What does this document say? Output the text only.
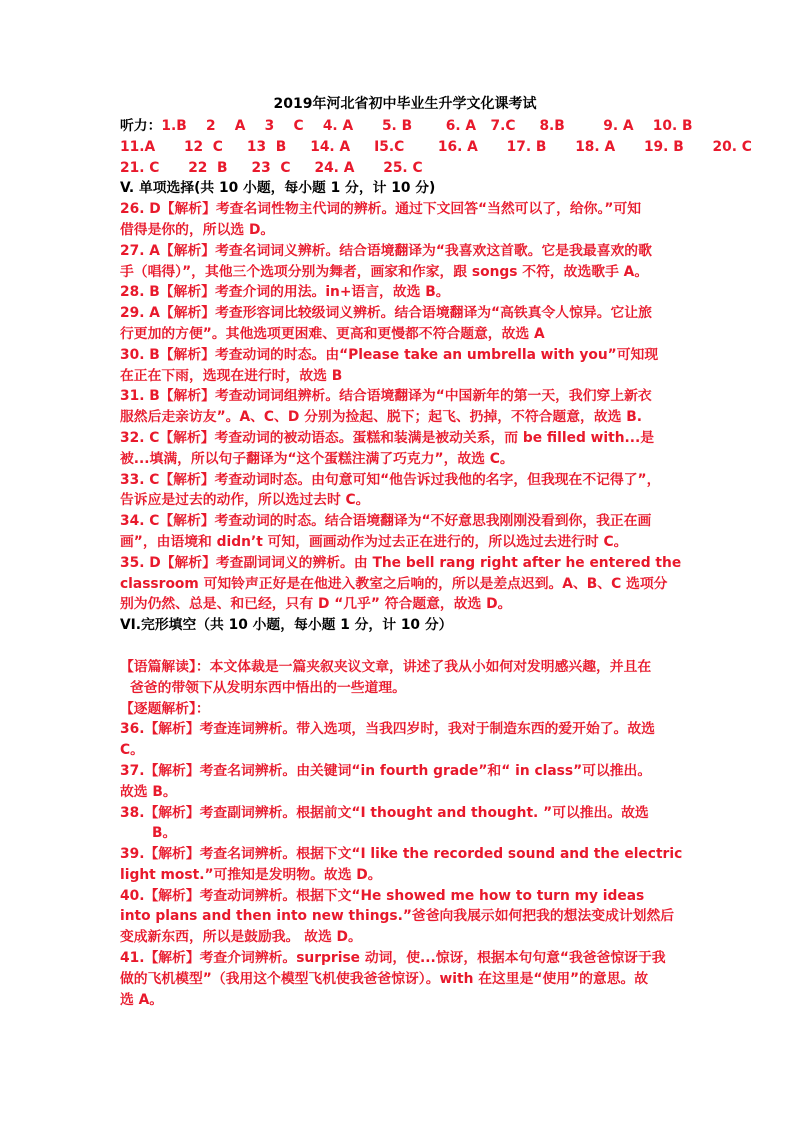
2019年河北省初中毕业生升学文化课考试
听力：1.B    2    A    3    C    4. A      5. B       6. A   7.C     8.B        9. A    10. B
11.A      12  C     13  B     14. A     I5.C       16. A      17. B      18. A      19. B      20. C
21. C      22  B     23  C     24. A      25. C
V. 单项选择(共 10 小题，每小题 1 分，计 10 分)
26. D【解析】考查名词性物主代词的辨析。通过下文回答“当然可以了，给你。”可知
借得是你的，所以选 D。
27. A【解析】考查名词词义辨析。结合语境翻译为“我喜欢这首歌。它是我最喜欢的歌
手（唱得）”，其他三个选项分别为舞者，画家和作家，跟 songs 不符，故选歌手 A。
28. B【解析】考查介词的用法。in+语言，故选 B。
29. A【解析】考查形容词比较级词义辨析。结合语境翻译为“高铁真令人惊异。它让旅
行更加的方便”。其他选项更困难、更高和更慢都不符合题意，故选 A
30. B【解析】考查动词的时态。由“Please take an umbrella with you”可知现
在正在下雨，选现在进行时，故选 B
31. B【解析】考查动词词组辨析。结合语境翻译为“中国新年的第一天，我们穿上新衣
服然后走亲访友”。A、C、D 分别为捡起、脱下；起飞、扔掉，不符合题意，故选 B.
32. C【解析】考查动词的被动语态。蛋糕和装满是被动关系，而 be filled with...是
被...填满，所以句子翻译为“这个蛋糕注满了巧克力”，故选 C。
33. C【解析】考查动词时态。由句意可知“他告诉过我他的名字，但我现在不记得了”，
告诉应是过去的动作，所以选过去时 C。
34. C【解析】考查动词的时态。结合语境翻译为“不好意思我刚刚没看到你，我正在画
画”，由语境和 didn’t 可知，画画动作为过去正在进行的，所以选过去进行时 C。
35. D【解析】考查副词词义的辨析。由 The bell rang right after he entered the
classroom 可知铃声正好是在他进入教室之后响的，所以是差点迟到。A、B、C 选项分
别为仍然、总是、和已经，只有 D “几乎” 符合题意，故选 D。
VI.完形填空（共 10 小题，每小题 1 分，计 10 分）
【语篇解读】：本文体裁是一篇夹叙夹议文章，讲述了我从小如何对发明感兴趣，并且在
爸爸的带领下从发明东西中悟出的一些道理。
【逐题解析】：
36.【解析】考查连词辨析。带入选项，当我四岁时，我对于制造东西的爱开始了。故选
C。
37.【解析】考查名词辨析。由关键词“in fourth grade”和“ in class”可以推出。
故选 B。
38.【解析】考查副词辨析。根据前文“I thought and thought. ”可以推出。故选
B。
39.【解析】考查名词辨析。根据下文“I like the recorded sound and the electric
light most.”可推知是发明物。故选 D。
40.【解析】考查动词辨析。根据下文“He showed me how to turn my ideas
into plans and then into new things.”爸爸向我展示如何把我的想法变成计划然后
变成新东西，所以是鼓励我。 故选 D。
41.【解析】考查介词辨析。surprise 动词，使...惊讶，根据本句句意“我爸爸惊讶于我
做的飞机模型”（我用这个模型飞机使我爸爸惊讶）。with 在这里是“使用”的意思。故
选 A。
